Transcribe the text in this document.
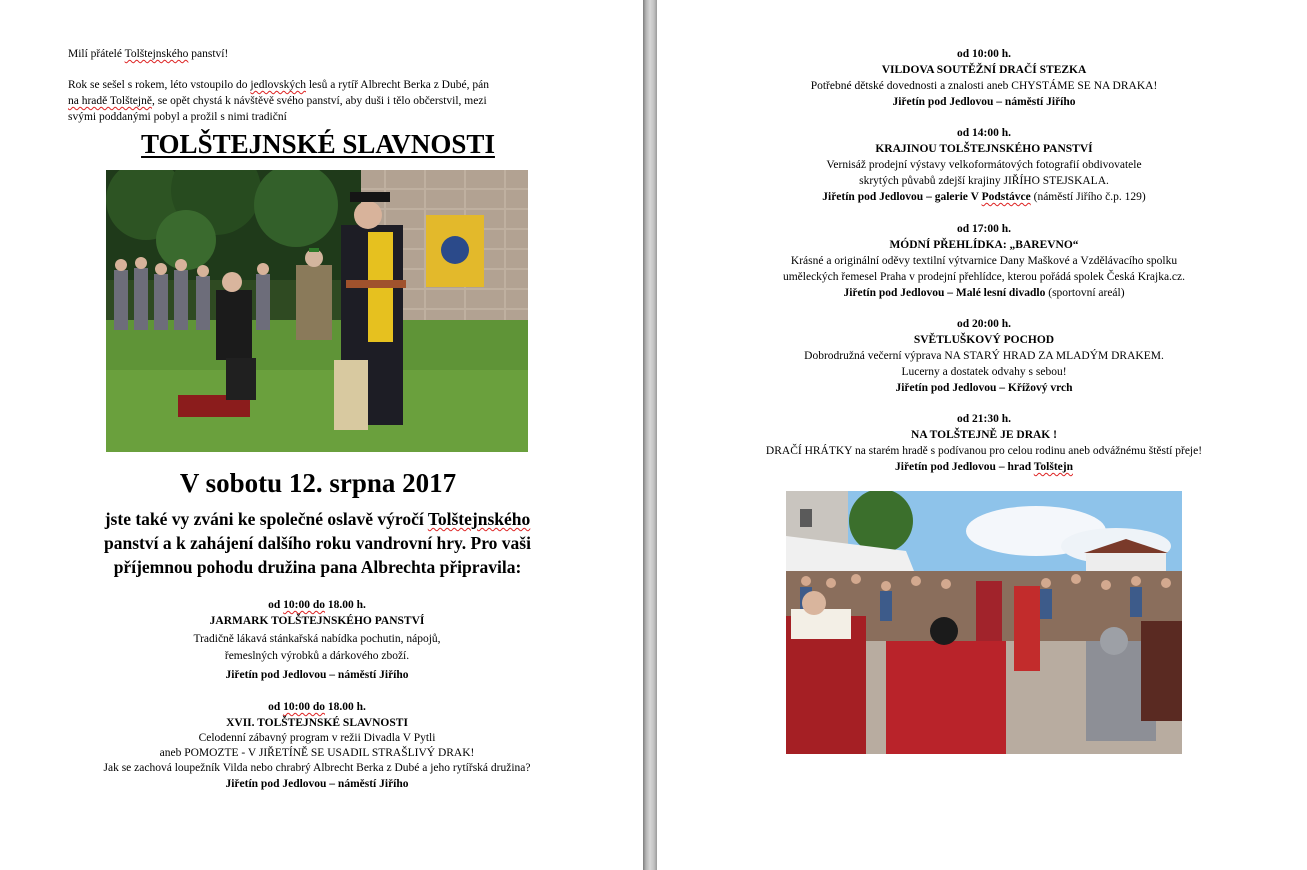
Milí přátelé Tolštejnského panství!
Rok se sešel s rokem, léto vstoupilo do jedlovských lesů a rytíř Albrecht Berka z Dubé, pán
na hradě Tolštejně, se opět chystá k návštěvě svého panství, aby duši i tělo občerstvil, mezi
svými poddanými pobyl a prožil s nimi tradiční
TOLŠTEJNSKÉ SLAVNOSTI
V sobotu 12. srpna 2017
jste také vy zváni ke společné oslavě výročí Tolštejnského
panství a k zahájení dalšího roku vandrovní hry. Pro vaši
příjemnou pohodu družina pana Albrechta připravila:
od 10:00 do 18.00 h.
JARMARK TOLŠTEJNSKÉHO PANSTVÍ
Tradičně lákavá stánkařská nabídka pochutin, nápojů,
řemeslných výrobků a dárkového zboží.
Jiřetín pod Jedlovou – náměstí Jiřího
od 10:00 do 18.00 h.
XVII. TOLŠTEJNSKÉ SLAVNOSTI
Celodenní zábavný program v režii Divadla V Pytli
aneb POMOZTE - V JIŘETÍNĚ SE USADIL STRAŠLIVÝ DRAK!
Jak se zachová loupežník Vilda nebo chrabrý Albrecht Berka z Dubé a jeho rytířská družina?
Jiřetín pod Jedlovou – náměstí Jiřího
od 10:00 h.
VILDOVA SOUTĚŽNÍ DRAČÍ STEZKA
Potřebné dětské dovednosti a znalosti aneb CHYSTÁME SE NA DRAKA!
Jiřetín pod Jedlovou – náměstí Jiřího
od 14:00 h.
KRAJINOU TOLŠTEJNSKÉHO PANSTVÍ
Vernisáž prodejní výstavy velkoformátových fotografií obdivovatele
skrytých půvabů zdejší krajiny JIŘÍHO STEJSKALA.
Jiřetín pod Jedlovou – galerie V Podstávce (náměstí Jiřího č.p. 129)
od 17:00 h.
MÓDNÍ PŘEHLÍDKA: „BAREVNO“
Krásné a originální oděvy textilní výtvarnice Dany Maškové a Vzdělávacího spolku
uměleckých řemesel Praha v prodejní přehlídce, kterou pořádá spolek Česká Krajka.cz.
Jiřetín pod Jedlovou – Malé lesní divadlo (sportovní areál)
od 20:00 h.
SVĚTLUŠKOVÝ POCHOD
Dobrodružná večerní výprava NA STARÝ HRAD ZA MLADÝM DRAKEM.
Lucerny a dostatek odvahy s sebou!
Jiřetín pod Jedlovou – Křížový vrch
od 21:30 h.
NA TOLŠTEJNĚ JE DRAK !
DRAČÍ HRÁTKY na starém hradě s podívanou pro celou rodinu aneb odvážnému štěstí přeje!
Jiřetín pod Jedlovou – hrad Tolštejn
